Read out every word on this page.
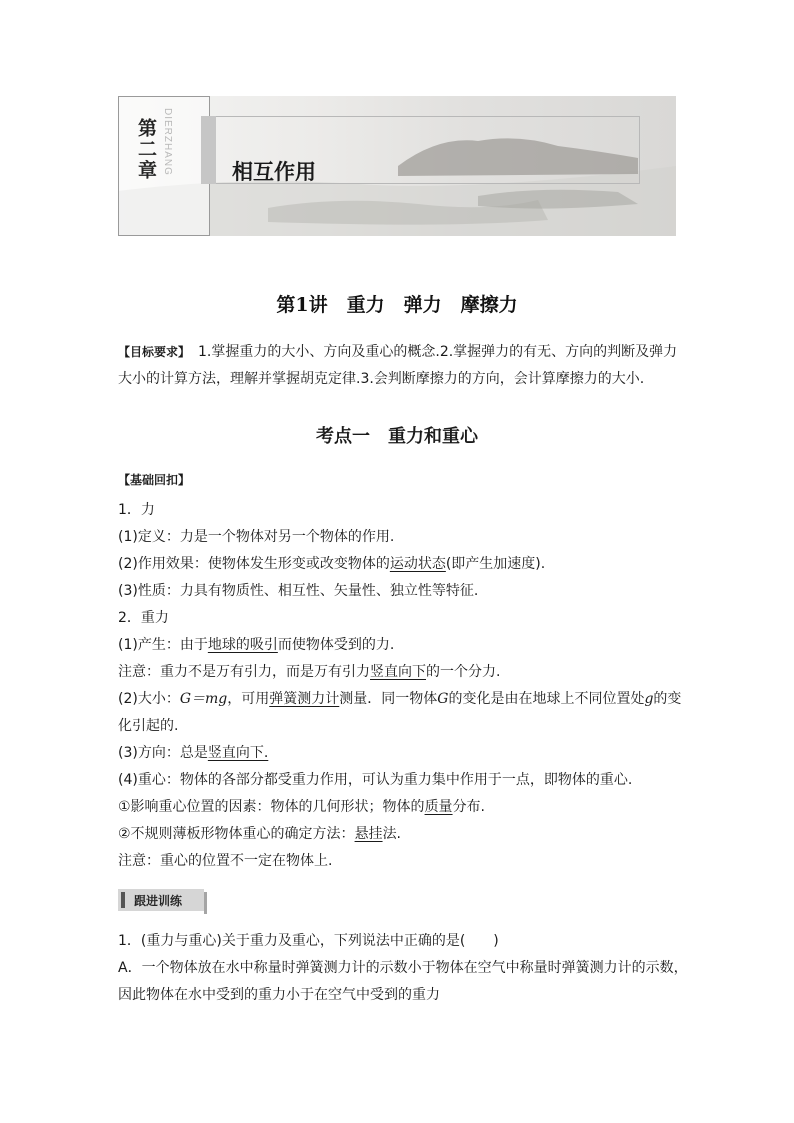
第二章 DIERZHANG	相互作用
第1讲　重力　弹力　摩擦力
【目标要求】　1.掌握重力的大小、方向及重心的概念.2.掌握弹力的有无、方向的判断及弹力大小的计算方法，理解并掌握胡克定律.3.会判断摩擦力的方向，会计算摩擦力的大小.
考点一　重力和重心
【基础回扣】
1．力
(1)定义：力是一个物体对另一个物体的作用.
(2)作用效果：使物体发生形变或改变物体的运动状态(即产生加速度).
(3)性质：力具有物质性、相互性、矢量性、独立性等特征.
2．重力
(1)产生：由于地球的吸引而使物体受到的力.
注意：重力不是万有引力，而是万有引力竖直向下的一个分力.
(2)大小：G＝mg，可用弹簧测力计测量．同一物体G的变化是由在地球上不同位置处g的变
化引起的.
(3)方向：总是竖直向下.
(4)重心：物体的各部分都受重力作用，可认为重力集中作用于一点，即物体的重心.
①影响重心位置的因素：物体的几何形状；物体的质量分布.
②不规则薄板形物体重心的确定方法：悬挂法.
注意：重心的位置不一定在物体上.
跟进训练
1．(重力与重心)关于重力及重心，下列说法中正确的是(　　)
A．一个物体放在水中称量时弹簧测力计的示数小于物体在空气中称量时弹簧测力计的示数，
因此物体在水中受到的重力小于在空气中受到的重力
